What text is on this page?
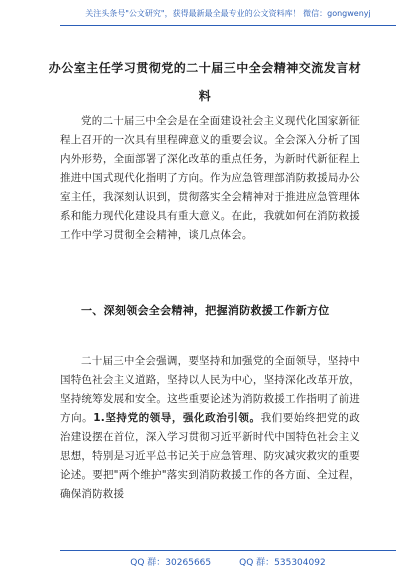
关注头条号"公文研究"，获得最新最全最专业的公文资料库！ 微信：gongwenyj
办公室主任学习贯彻党的二十届三中全会精神交流发言材
料
党的二十届三中全会是在全面建设社会主义现代化国家新征程上召开的一次具有里程碑意义的重要会议。全会深入分析了国内外形势，全面部署了深化改革的重点任务，为新时代新征程上推进中国式现代化指明了方向。作为应急管理部消防救援局办公室主任，我深刻认识到，贯彻落实全会精神对于推进应急管理体系和能力现代化建设具有重大意义。在此，我就如何在消防救援工作中学习贯彻全会精神，谈几点体会。
一、深刻领会全会精神，把握消防救援工作新方位
二十届三中全会强调，要坚持和加强党的全面领导，坚持中国特色社会主义道路，坚持以人民为中心，坚持深化改革开放，坚持统筹发展和安全。这些重要论述为消防救援工作指明了前进方向。1.坚持党的领导，强化政治引领。我们要始终把党的政治建设摆在首位，深入学习贯彻习近平新时代中国特色社会主义思想，特别是习近平总书记关于应急管理、防灾减灾救灾的重要论述。要把"两个维护"落实到消防救援工作的各方面、全过程，确保消防救援
QQ 群：30265665	QQ 群：535304092
